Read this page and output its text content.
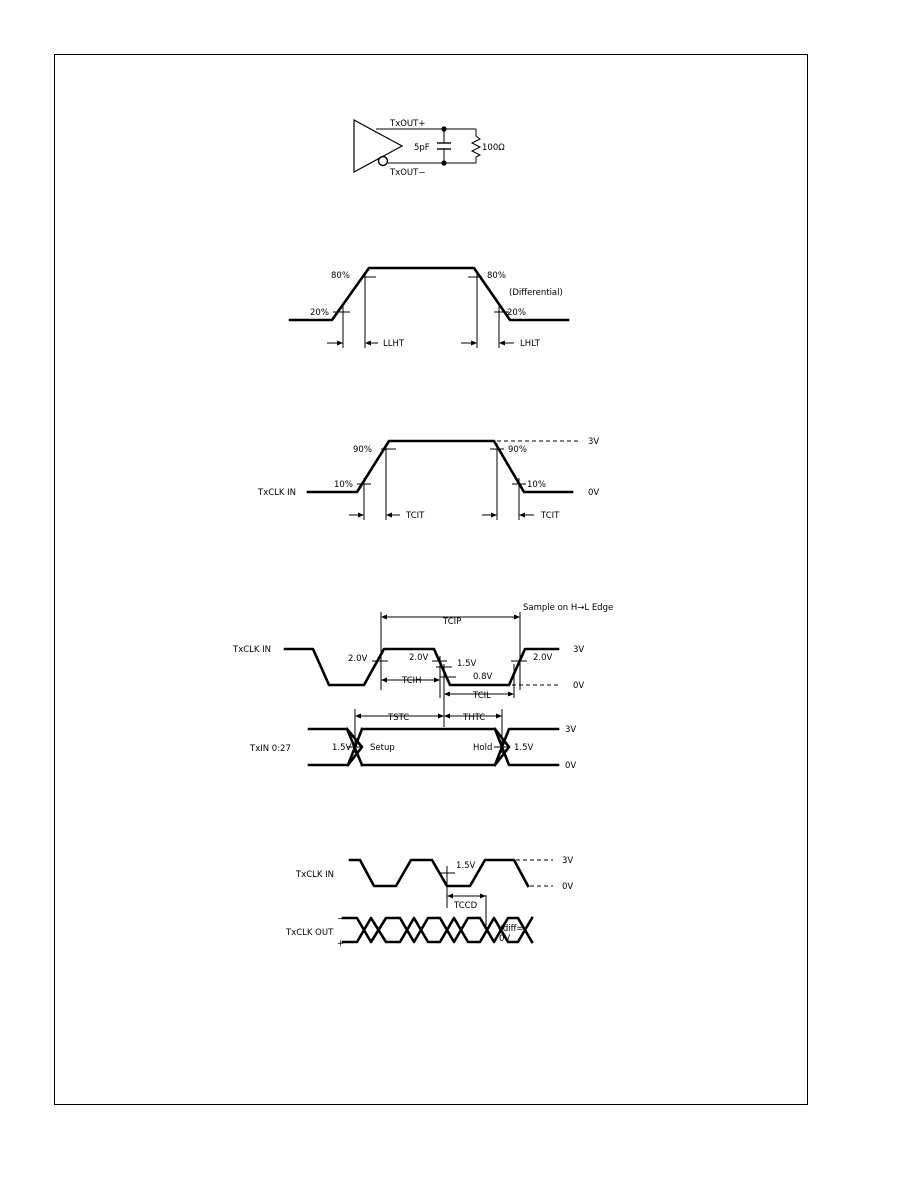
TxOUT+
TxOUT−
5pF	100Ω
80%	80%
(Differential)
20%	20%
LLHT	LHLT
90%	90%
10%	10%
TxCLK IN
3V
0V
TCIT	TCIT
Sample on H→L Edge
TCIP
TxCLK IN
2.0V	2.0V
1.5V
0.8V
2.0V
TCIH
TCIL
3V
0V
TSTC	THTC
TxIN 0:27	1.5V Setup	Hold	1.5V
3V
0V
TxCLK IN
1.5V	3V
0V
TCCD
TxCLK OUT
−
+
Vdiff=
0V
